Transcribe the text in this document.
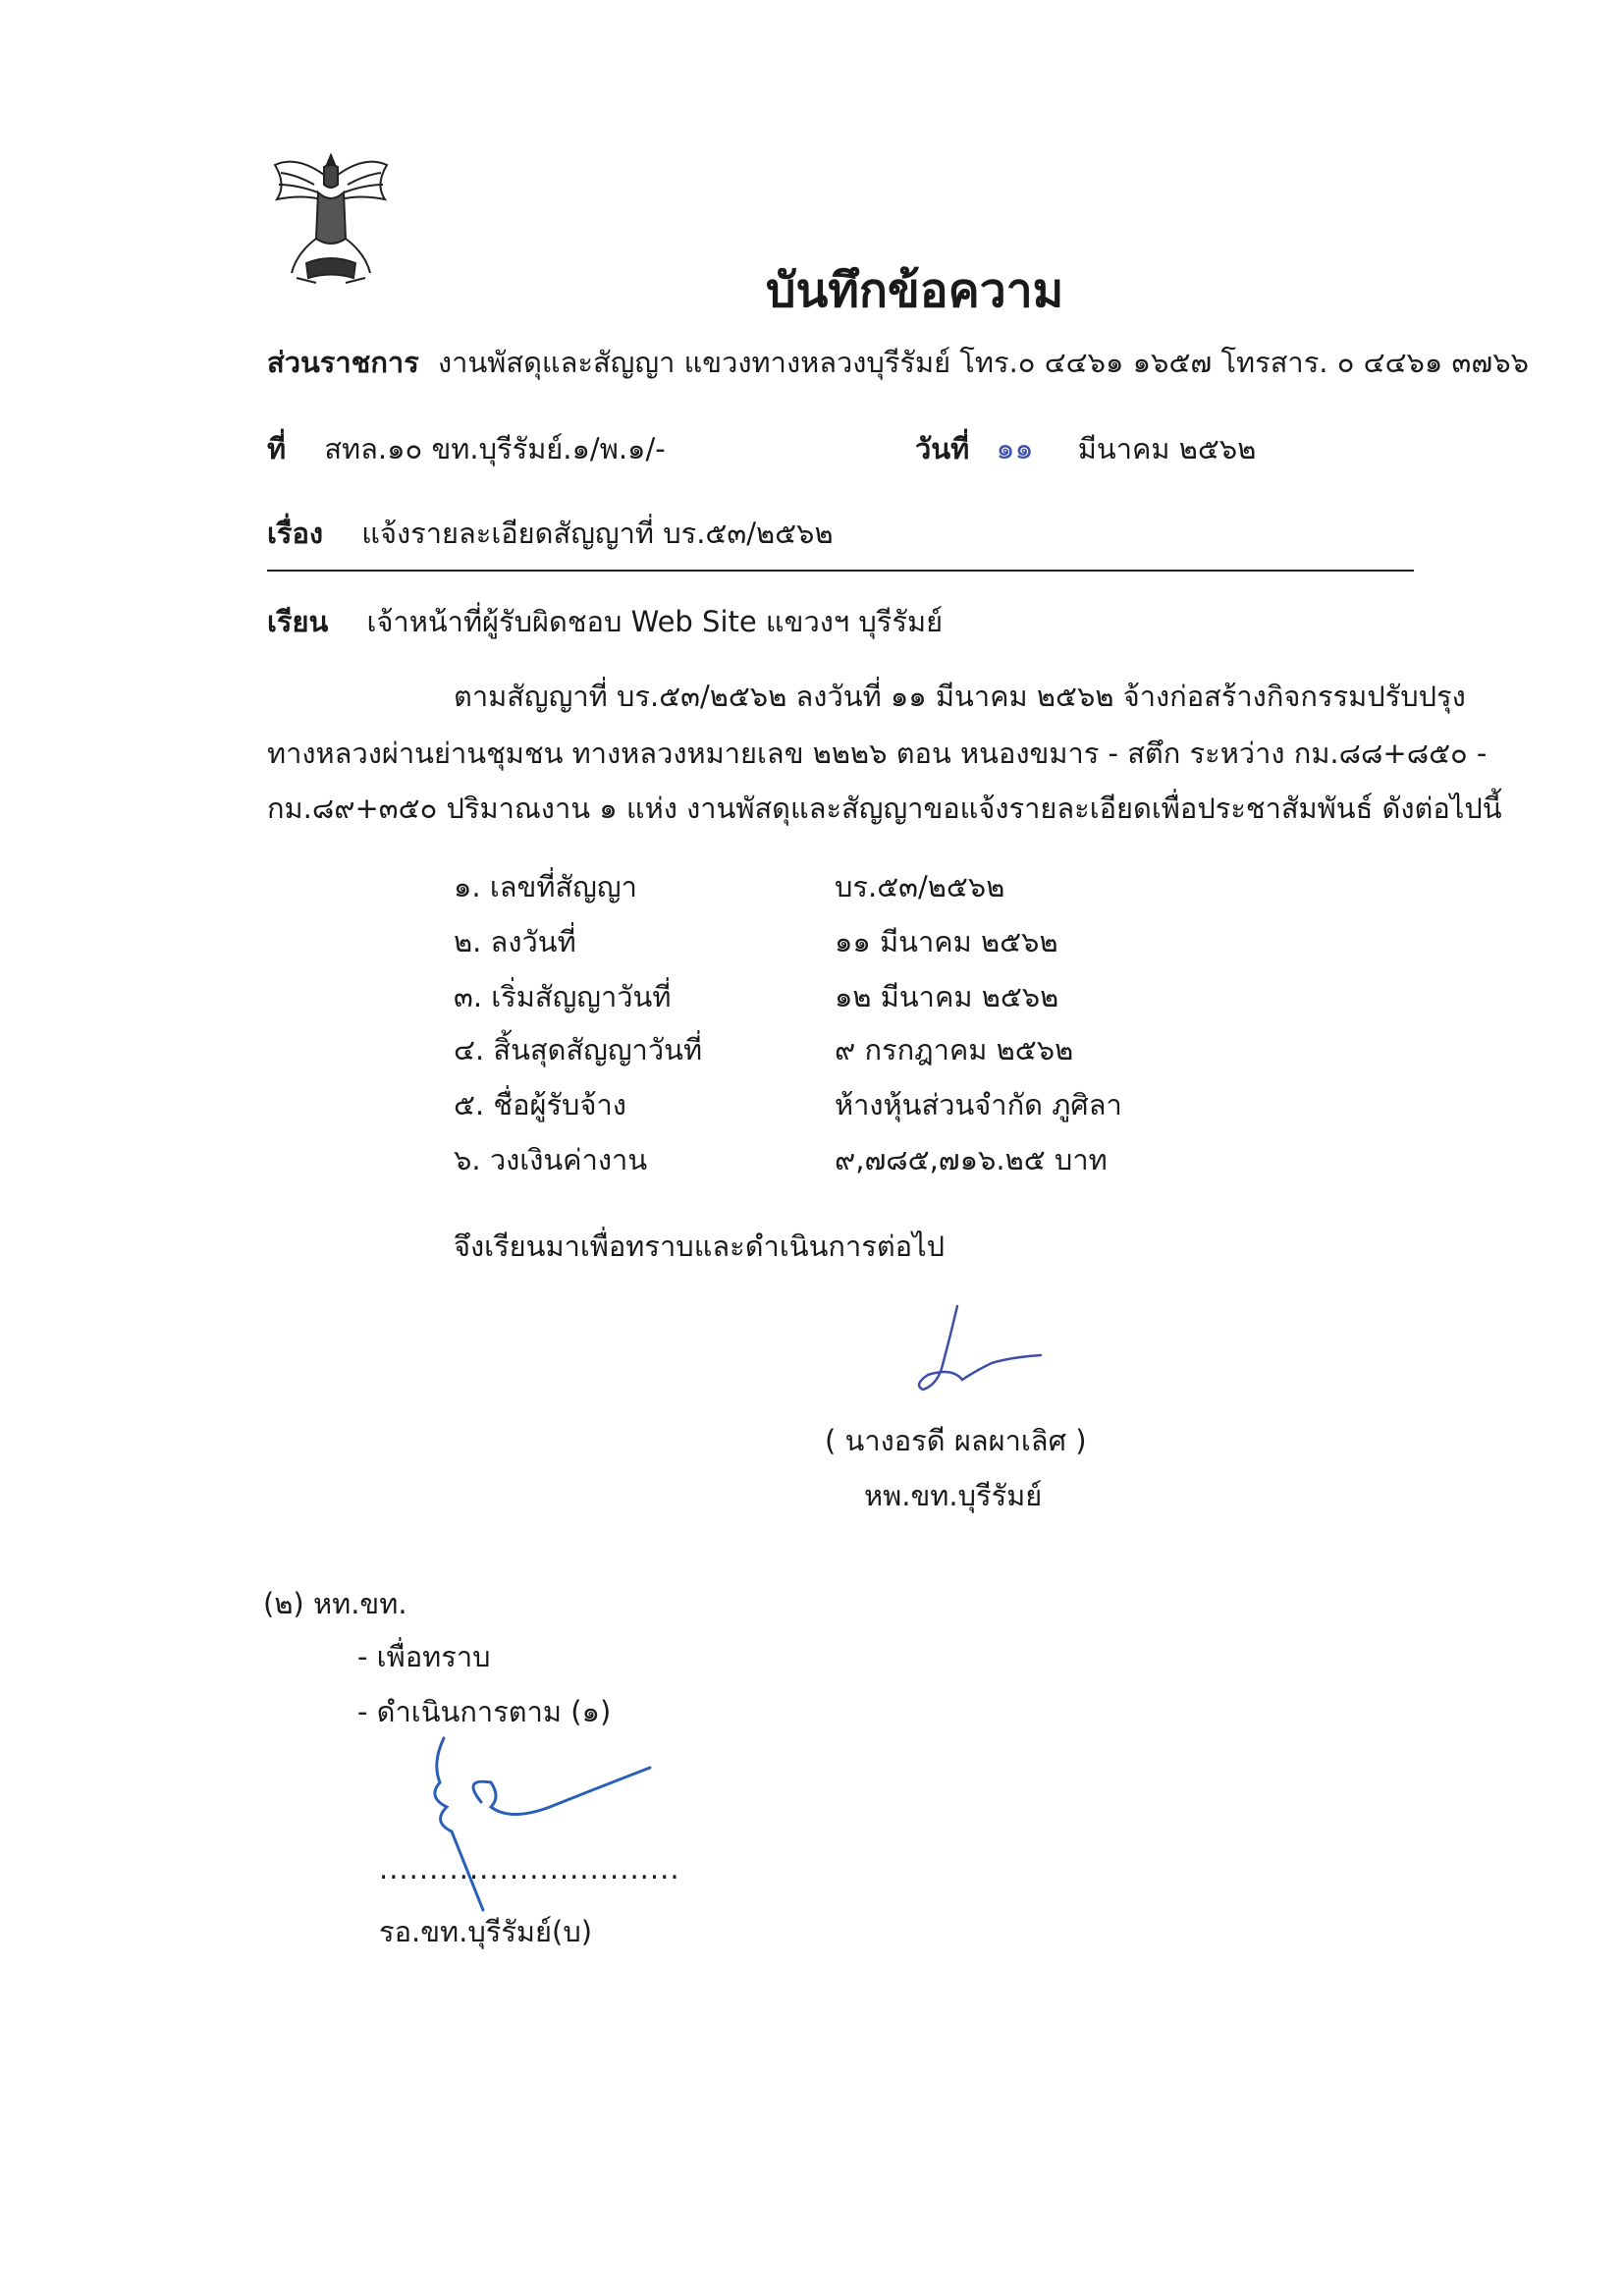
บันทึกข้อความ
ส่วนราชการ งานพัสดุและสัญญา แขวงทางหลวงบุรีรัมย์ โทร.๐ ๔๔๖๑ ๑๖๕๗ โทรสาร. ๐ ๔๔๖๑ ๓๗๖๖
ที่ สทล.๑๐ ขท.บุรีรัมย์.๑/พ.๑/-	วันที่ ๑๑ มีนาคม ๒๕๖๒
เรื่อง แจ้งรายละเอียดสัญญาที่ บร.๕๓/๒๕๖๒
เรียน เจ้าหน้าที่ผู้รับผิดชอบ Web Site แขวงฯ บุรีรัมย์
ตามสัญญาที่ บร.๕๓/๒๕๖๒ ลงวันที่ ๑๑ มีนาคม ๒๕๖๒ จ้างก่อสร้างกิจกรรมปรับปรุง
ทางหลวงผ่านย่านชุมชน ทางหลวงหมายเลข ๒๒๒๖ ตอน หนองขมาร - สตึก ระหว่าง กม.๘๘+๘๕๐ -
กม.๘๙+๓๕๐ ปริมาณงาน ๑ แห่ง งานพัสดุและสัญญาขอแจ้งรายละเอียดเพื่อประชาสัมพันธ์ ดังต่อไปนี้
๑. เลขที่สัญญา	บร.๕๓/๒๕๖๒
๒. ลงวันที่	๑๑ มีนาคม ๒๕๖๒
๓. เริ่มสัญญาวันที่	๑๒ มีนาคม ๒๕๖๒
๔. สิ้นสุดสัญญาวันที่	๙ กรกฎาคม ๒๕๖๒
๕. ชื่อผู้รับจ้าง	ห้างหุ้นส่วนจำกัด ภูศิลา
๖. วงเงินค่างาน	๙,๗๘๕,๗๑๖.๒๕ บาท
จึงเรียนมาเพื่อทราบและดำเนินการต่อไป
( นางอรดี ผลผาเลิศ )
หพ.ขท.บุรีรัมย์
(๒) หท.ขท.
- เพื่อทราบ
- ดำเนินการตาม (๑)
..............................
รอ.ขท.บุรีรัมย์(บ)
